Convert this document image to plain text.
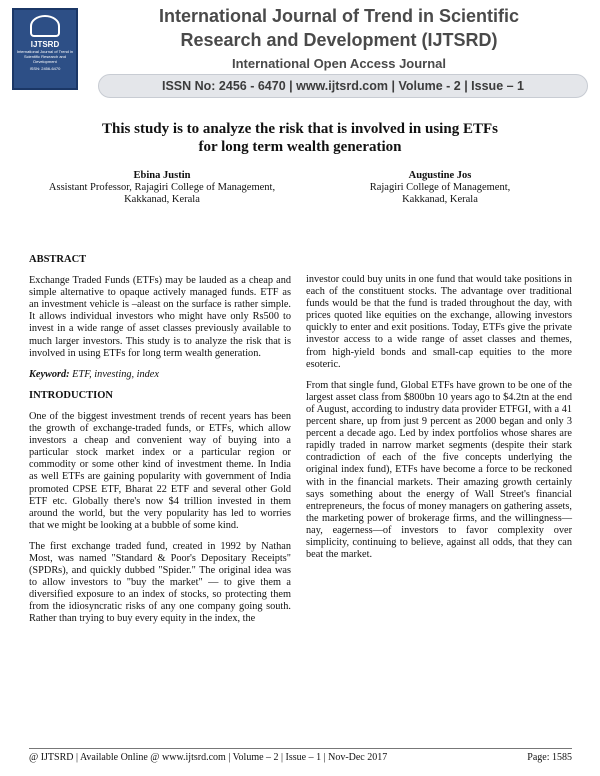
IJTSRD
International Journal of Trend in Scientific Research and Development
ISSN: 2456-6470
International Journal of Trend in Scientific
Research and Development (IJTSRD)
International Open Access Journal
ISSN No: 2456 - 6470 | www.ijtsrd.com | Volume - 2 | Issue – 1
This study is to analyze the risk that is involved in using ETFs
for long term wealth generation
Ebina Justin
Assistant Professor, Rajagiri College of Management,
Kakkanad, Kerala
Augustine Jos
Rajagiri College of Management,
Kakkanad, Kerala
ABSTRACT

Exchange Traded Funds (ETFs) may be lauded as a cheap and simple alternative to opaque actively managed funds. ETF as an investment vehicle is –aleast on the surface is rather simple. It allows individual investors who might have only Rs500 to invest in a wide range of asset classes previously available to much larger investors. This study is to analyze the risk that is involved in using ETFs for long term wealth generation.

Keyword: ETF, investing, index
INTRODUCTION

One of the biggest investment trends of recent years has been the growth of exchange-traded funds, or ETFs, which allow investors a cheap and convenient way of buying into a particular stock market index or a particular region or commodity or some other kind of investment theme. In India as well ETFs are gaining popularity with government of India promoted CPSE ETF, Bharat 22 ETF and several other Gold ETF etc. Globally there's now $4 trillion invested in them around the world, but the very popularity has led to worries that we might be looking at a bubble of some kind.

The first exchange traded fund, created in 1992 by Nathan Most, was named "Standard & Poor's Depositary Receipts" (SPDRs), and quickly dubbed "Spider." The original idea was to allow investors to "buy the market" — to give them a diversified exposure to an index of stocks, so protecting them from the idiosyncratic risks of any one company going south. Rather than trying to buy every equity in the index, the

investor could buy units in one fund that would take positions in each of the constituent stocks. The advantage over traditional funds would be that the fund is traded throughout the day, with prices quoted like equities on the exchange, allowing investors quickly to enter and exit positions. Today, ETFs give the private investor access to a wide range of asset classes and themes, from high-yield bonds and small-cap equities to the more esoteric.

From that single fund, Global ETFs have grown to be one of the largest asset class from $800bn 10 years ago to $4.2tn at the end of August, according to industry data provider ETFGI, with a 41 percent share, up from just 9 percent as 2000 began and only 3 percent a decade ago. Led by index portfolios whose shares are rapidly traded in narrow market segments (despite their stark contradiction of each of the five concepts underlying the original index fund), ETFs have become a force to be reckoned with in the financial markets. Their amazing growth certainly says something about the energy of Wall Street's financial entrepreneurs, the focus of money managers on gathering assets, the marketing power of brokerage firms, and the willingness—nay, eagerness—of investors to favor complexity over simplicity, continuing to believe, against all odds, that they can beat the market.

@ IJTSRD | Available Online @ www.ijtsrd.com | Volume – 2 | Issue – 1 | Nov-Dec 2017	Page: 1585
